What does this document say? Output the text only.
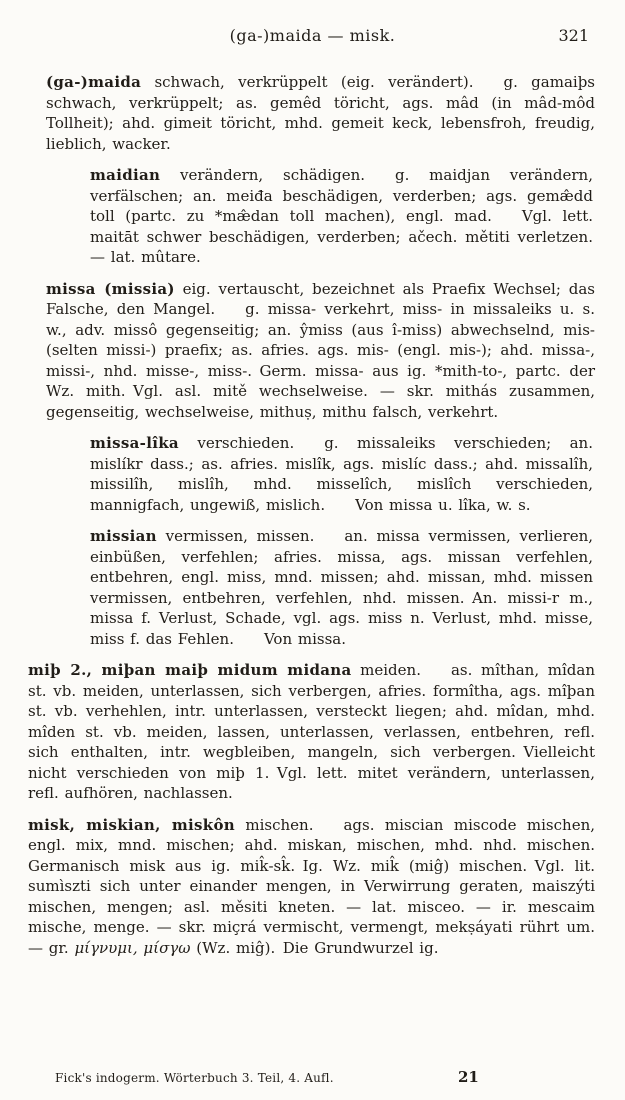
(ga-)maida — misk.	321

(ga-)maida schwach, verkrüppelt (eig. verändert).  g. gamaiþs schwach, verkrüppelt; as. gemêd töricht, ags. mâd (in mâd-môd Tollheit); ahd. gimeit töricht, mhd. gemeit keck, lebensfroh, freudig, lieblich, wacker.

maidian verändern, schädigen.  g. maidjan verändern, verfälschen; an. meiđa beschädigen, verderben; ags. gemæ̂dd toll (partc. zu *mæ̂dan toll machen), engl. mad.  Vgl. lett. maitāt schwer beschädigen, verderben; ačech. mětiti verletzen. — lat. mûtare.

missa (missia) eig. vertauscht, bezeichnet als Praefix Wechsel; das Falsche, den Mangel.  g. missa- verkehrt, miss- in missaleiks u. s. w., adv. missô gegenseitig; an. ŷmiss (aus î-miss) abwechselnd, mis- (selten missi-) praefix; as. afries. ags. mis- (engl. mis-); ahd. missa-, missi-, nhd. misse-, miss-. Germ. missa- aus ig. *mith-to-, partc. der Wz. mith. Vgl. asl. mitě wechselweise. — skr. mithás zusammen, gegenseitig, wechselweise, mithuṣ, mithu falsch, verkehrt.

missa-lîka verschieden.  g. missaleiks verschieden; an. mislíkr dass.; as. afries. mislîk, ags. mislíc dass.; ahd. missalîh, missilîh, mislîh, mhd. misselîch, mislîch verschieden, mannigfach, ungewiß, mislich.  Von missa u. lîka, w. s.

missian vermissen, missen.  an. missa vermissen, verlieren, einbüßen, verfehlen; afries. missa, ags. missan verfehlen, entbehren, engl. miss, mnd. missen; ahd. missan, mhd. missen vermissen, entbehren, verfehlen, nhd. missen. An. missi-r m., missa f. Verlust, Schade, vgl. ags. miss n. Verlust, mhd. misse, miss f. das Fehlen.  Von missa.

miþ 2., miþan maiþ midum midana meiden.  as. mîthan, mîdan st. vb. meiden, unterlassen, sich verbergen, afries. formîtha, ags. mîþan st. vb. verhehlen, intr. unterlassen, versteckt liegen; ahd. mîdan, mhd. mîden st. vb. meiden, lassen, unterlassen, verlassen, entbehren, refl. sich enthalten, intr. wegbleiben, mangeln, sich verbergen. Vielleicht nicht verschieden von miþ 1. Vgl. lett. mitet verändern, unterlassen, refl. aufhören, nachlassen.

misk, miskian, miskôn mischen.  ags. miscian miscode mischen, engl. mix, mnd. mischen; ahd. miskan, mischen, mhd. nhd. mischen. Germanisch misk aus ig. mik̂-sk̂. Ig. Wz. mik̂ (miĝ) mischen. Vgl. lit. sumìszti sich unter einander mengen, in Verwirrung geraten, maiszýti mischen, mengen; asl. měsiti kneten. — lat. misceo. — ir. mescaim mische, menge. — skr. miçrá vermischt, vermengt, mekṣáyati rührt um. — gr. μίγνυμι, μίσγω (Wz. miĝ). Die Grundwurzel ig.

Fick's indogerm. Wörterbuch 3. Teil, 4. Aufl.	21
